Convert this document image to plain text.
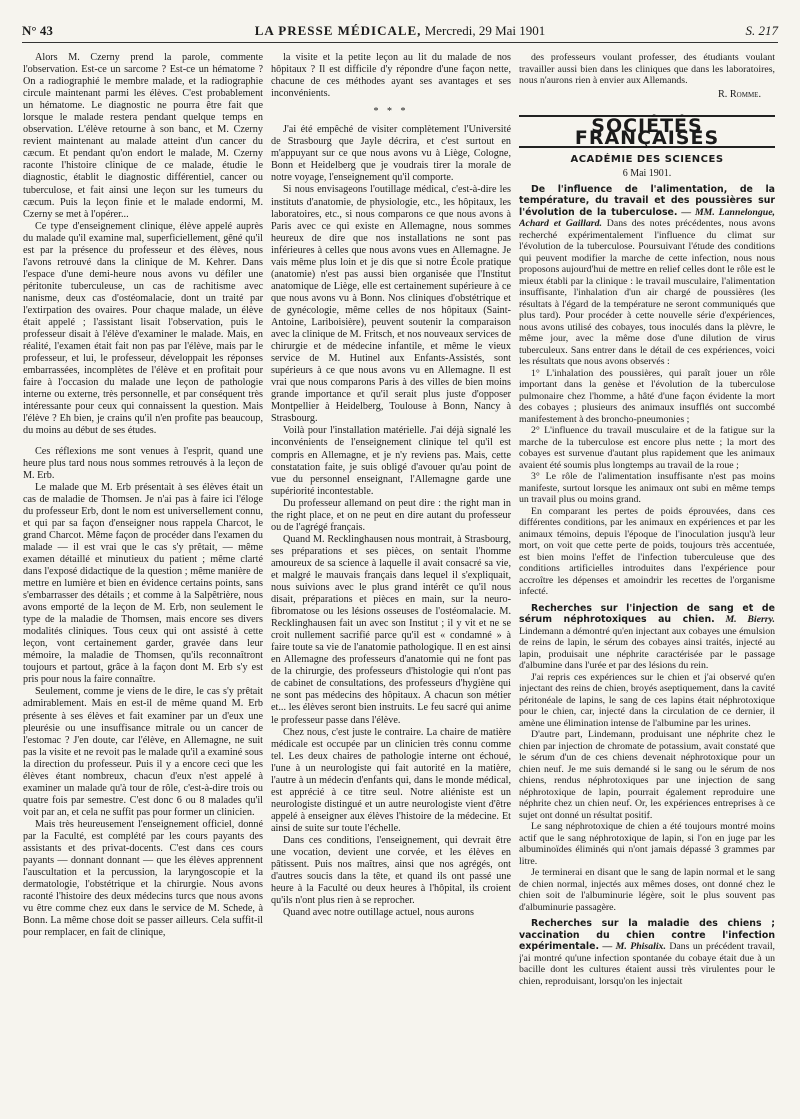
N° 43	LA PRESSE MÉDICALE, Mercredi, 29 Mai 1901	S. 217

Alors M. Czerny prend la parole, commente l'observation. Est-ce un sarcome ? Est-ce un hématome ? On a radiographié le membre malade, et la radiographie circule maintenant parmi les élèves. C'est probablement un hématome. Le diagnostic ne pourra être fait que lorsque le malade restera pendant quelque temps en observation. L'élève retourne à son banc, et M. Czerny revient maintenant au malade atteint d'un cancer du cæcum. Et pendant qu'on endort le malade, M. Czerny raconte l'histoire clinique de ce malade, étudie le diagnostic, établit le diagnostic différentiel, cancer ou tuberculose, et fait ainsi une leçon sur les tumeurs du cæcum. Puis la leçon finie et le malade endormi, M. Czerny se met à l'opérer...

Ce type d'enseignement clinique, élève appelé auprès du malade qu'il examine mal, superficiellement, gêné qu'il est par la présence du professeur et des élèves, nous l'avons retrouvé dans la clinique de M. Kehrer. Dans l'espace d'une demi-heure nous avons vu défiler une péritonite tuberculeuse, un cas de rachitisme avec nanisme, deux cas d'ostéomalacie, dont un traité par l'extirpation des ovaires. Pour chaque malade, un élève était appelé ; l'assistant lisait l'observation, puis le professeur disait à l'élève d'examiner le malade. Mais, en réalité, l'examen était fait non pas par l'élève, mais par le professeur, et lui, le professeur, développait les réponses embarrassées, incomplètes de l'élève et en profitait pour faire à l'occasion du malade une leçon de pathologie interne ou externe, très personnelle, et par conséquent très intéressante pour ceux qui connaissent la question. Mais l'élève ? Eh bien, je crains qu'il n'en profite pas beaucoup, du moins au début de ses études.

Ces réflexions me sont venues à l'esprit, quand une heure plus tard nous nous sommes retrouvés à la leçon de M. Erb.

Le malade que M. Erb présentait à ses élèves était un cas de maladie de Thomsen. Je n'ai pas à faire ici l'éloge du professeur Erb, dont le nom est universellement connu, et qui par sa façon d'enseigner nous rappela Charcot, le grand Charcot. Même façon de procéder dans l'examen du malade — il est vrai que le cas s'y prêtait, — même examen détaillé et minutieux du patient ; même clarté dans l'exposé didactique de la question ; même manière de mettre en lumière et bien en évidence certains points, sans s'embarrasser des détails ; et comme à la Salpêtrière, nous avons emporté de la leçon de M. Erb, non seulement le type de la maladie de Thomsen, mais encore ses divers modalités cliniques. Tous ceux qui ont assisté à cette leçon, vont certainement garder, gravée dans leur mémoire, la maladie de Thomsen, qu'ils reconnaîtront toujours et partout, grâce à la façon dont M. Erb s'y est pris pour nous la faire connaître.

Seulement, comme je viens de le dire, le cas s'y prêtait admirablement. Mais en est-il de même quand M. Erb présente à ses élèves et fait examiner par un d'eux une pleurésie ou une insuffisance mitrale ou un cancer de l'estomac ? J'en doute, car l'élève, en Allemagne, ne suit pas la visite et ne revoit pas le malade qu'il a examiné sous la direction du professeur. Puis il y a encore ceci que les élèves étant nombreux, chacun d'eux n'est appelé à examiner un malade qu'à tour de rôle, c'est-à-dire trois ou quatre fois par semestre. C'est donc 6 ou 8 malades qu'il voit par an, et cela ne suffit pas pour former un clinicien.

Mais très heureusement l'enseignement officiel, donné par la Faculté, est complété par les cours payants des assistants et des privat-docents. C'est dans ces cours payants — donnant donnant — que les élèves apprennent l'auscultation et la percussion, la laryngoscopie et la dermatologie, l'obstétrique et la chirurgie. Nous avons raconté l'histoire des deux médecins turcs que nous avons vu être comme chez eux dans le service de M. Schede, à Bonn. La même chose doit se passer ailleurs. Cela suffit-il pour remplacer, en fait de clinique,

la visite et la petite leçon au lit du malade de nos hôpitaux ? Il est difficile d'y répondre d'une façon nette, chacune de ces méthodes ayant ses avantages et ses inconvénients.

* * *

J'ai été empêché de visiter complètement l'Université de Strasbourg que Jayle décrira, et c'est surtout en m'appuyant sur ce que nous avons vu à Liège, Cologne, Bonn et Heidelberg que je voudrais tirer la morale de notre voyage, l'enseignement qu'il comporte.

Si nous envisageons l'outillage médical, c'est-à-dire les instituts d'anatomie, de physiologie, etc., les hôpitaux, les laboratoires, etc., si nous comparons ce que nous avons à Paris avec ce qui existe en Allemagne, nous sommes heureux de dire que nos installations ne sont pas inférieures à celles que nous avons vues en Allemagne. Je vais même plus loin et je dis que si notre École pratique (anatomie) n'est pas aussi bien organisée que l'Institut anatomique de Liège, elle est certainement supérieure à ce que nous avons vu à Bonn. Nos cliniques d'obstétrique et de gynécologie, même celles de nos hôpitaux (Saint-Antoine, Lariboisière), peuvent soutenir la comparaison avec la clinique de M. Fritsch, et nos nouveaux services de chirurgie et de médecine infantile, et même le vieux service de M. Hutinel aux Enfants-Assistés, sont supérieurs à ce que nous avons vu en Allemagne. Il est vrai que nous comparons Paris à des villes de bien moins grande importance et qu'il serait plus juste d'opposer Montpellier à Heidelberg, Toulouse à Bonn, Nancy à Strasbourg.

Voilà pour l'installation matérielle. J'ai déjà signalé les inconvénients de l'enseignement clinique tel qu'il est compris en Allemagne, et je n'y reviens pas. Mais, cette constatation faite, je suis obligé d'avouer qu'au point de vue du personnel enseignant, l'Allemagne garde une supériorité incontestable.

Du professeur allemand on peut dire : the right man in the right place, et on ne peut en dire autant du professeur ou de l'agrégé français.

Quand M. Recklinghausen nous montrait, à Strasbourg, ses préparations et ses pièces, on sentait l'homme amoureux de sa science à laquelle il avait consacré sa vie, et malgré le mauvais français dans lequel il s'expliquait, nous suivions avec le plus grand intérêt ce qu'il nous disait, préparations et pièces en main, sur la neuro-fibromatose ou les lésions osseuses de l'ostéomalacie. M. Recklinghausen fait un avec son Institut ; il y vit et ne se croit nullement sacrifié parce qu'il est « condamné » à faire toute sa vie de l'anatomie pathologique. Il en est ainsi en Allemagne des professeurs d'anatomie qui ne font pas de la chirurgie, des professeurs d'histologie qui n'ont pas de cabinet de consultations, des professeurs d'hygiène qui ne sont pas médecins des hôpitaux. A chacun son métier et... les élèves seront bien instruits. Le feu sacré qui anime le professeur passe dans l'élève.

Chez nous, c'est juste le contraire. La chaire de matière médicale est occupée par un clinicien très connu comme tel. Les deux chaires de pathologie interne ont échoué, l'une à un neurologiste qui fait autorité en la matière, l'autre à un médecin d'enfants qui, dans le monde médical, est apprécié à ce titre seul. Notre aliéniste est un neurologiste distingué et un autre neurologiste vient d'être appelé à enseigner aux élèves l'histoire de la médecine. Et ainsi de suite sur toute l'échelle.

Dans ces conditions, l'enseignement, qui devrait être une vocation, devient une corvée, et les élèves en pâtissent. Puis nos maîtres, ainsi que nos agrégés, ont d'autres soucis dans la tête, et quand ils ont passé une heure à la Faculté ou deux heures à l'hôpital, ils croient qu'ils n'ont plus rien à se reprocher.

Quand avec notre outillage actuel, nous aurons

des professeurs voulant professer, des étudiants voulant travailler aussi bien dans les cliniques que dans les laboratoires, nous n'aurons rien à envier aux Allemands.

R. Romme.
SOCIÉTÉS FRANÇAISES
ACADÉMIE DES SCIENCES
6 Mai 1901.

De l'influence de l'alimentation, de la température, du travail et des poussières sur l'évolution de la tuberculose. — MM. Lannelongue, Achard et Gaillard. Dans des notes précédentes, nous avons recherché expérimentalement l'influence du climat sur l'évolution de la tuberculose. Poursuivant l'étude des conditions qui peuvent modifier la marche de cette infection, nous nous proposons aujourd'hui de mettre en relief celles dont le rôle est le mieux établi par la clinique : le travail musculaire, l'alimentation insuffisante, l'inhalation d'un air chargé de poussières (les résultats à l'égard de la température ne seront communiqués que plus tard). Pour procéder à cette nouvelle série d'expériences, nous avons utilisé des cobayes, tous inoculés dans la plèvre, le même jour, avec la même dose d'une dilution de virus tuberculeux. Sans entrer dans le détail de ces expériences, voici les résultats que nous avons observés :

1° L'inhalation des poussières, qui paraît jouer un rôle important dans la genèse et l'évolution de la tuberculose pulmonaire chez l'homme, a hâté d'une façon évidente la mort des cobayes ; plusieurs des animaux insufflés ont succombé manifestement à des broncho-pneumonies ;

2° L'influence du travail musculaire et de la fatigue sur la marche de la tuberculose est encore plus nette ; la mort des cobayes est survenue d'autant plus rapidement que les animaux avaient été soumis plus longtemps au travail de la roue ;

3° Le rôle de l'alimentation insuffisante n'est pas moins manifeste, surtout lorsque les animaux ont subi en même temps un travail plus ou moins grand.

En comparant les pertes de poids éprouvées, dans ces différentes conditions, par les animaux en expériences et par les animaux témoins, depuis l'époque de l'inoculation jusqu'à leur mort, on voit que cette perte de poids, toujours très accentuée, est bien moins l'effet de l'infection tuberculeuse que des conditions artificielles introduites dans l'expérience pour accroître les dépenses et amoindrir les recettes de l'organisme infecté.

Recherches sur l'injection de sang et de sérum néphrotoxiques au chien. M. Bierry. Lindemann a démontré qu'en injectant aux cobayes une émulsion de reins de lapin, le sérum des cobayes ainsi traités, injecté au lapin, produisait une néphrite caractérisée par le passage d'albumine dans l'urée et par des lésions du rein.

J'ai repris ces expériences sur le chien et j'ai observé qu'en injectant des reins de chien, broyés aseptiquement, dans la cavité péritonéale de lapins, le sang de ces lapins était néphrotoxique pour le chien, car, injecté dans la circulation de ce dernier, il amène une élimination intense de l'albumine par les urines.

D'autre part, Lindemann, produisant une néphrite chez le chien par injection de chromate de potassium, avait constaté que le sérum d'un de ces chiens devenait néphrotoxique pour un chien neuf. Je me suis demandé si le sang ou le sérum de nos chiens, rendus néphrotoxiques par une injection de sang néphrotoxique de lapin, pourrait également reproduire une néphrite chez un chien neuf. Or, les expériences entreprises à ce sujet ont donné un résultat positif.

Le sang néphrotoxique de chien a été toujours montré moins actif que le sang néphrotoxique de lapin, si l'on en juge par les albuminoïdes éliminés qui n'ont jamais dépassé 3 grammes par litre.

Je terminerai en disant que le sang de lapin normal et le sang de chien normal, injectés aux mêmes doses, ont donné chez le chien soit de l'albuminurie légère, soit le plus souvent pas d'albuminurie passagère.

Recherches sur la maladie des chiens ; vaccination du chien contre l'infection expérimentale. — M. Phisalix. Dans un précédent travail, j'ai montré qu'une infection spontanée du cobaye était due à un bacille dont les cultures étaient aussi très virulentes pour le chien, reproduisant, lorsqu'on les injectait
